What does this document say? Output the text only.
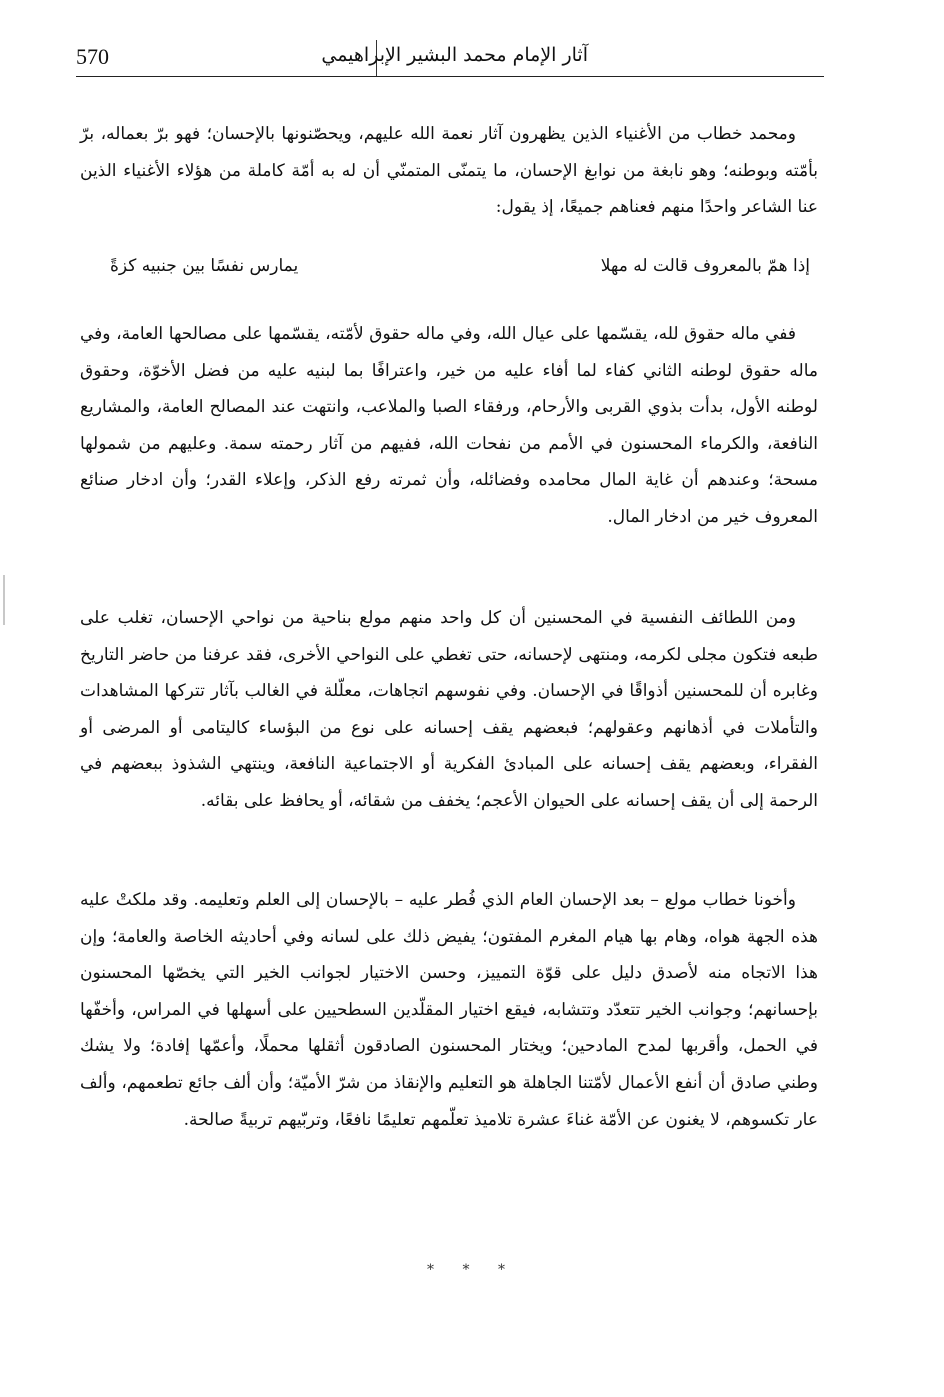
570	آثار الإمام محمد البشير الإبراهيمي

ومحمد خطاب من الأغنياء الذين يظهرون آثار نعمة الله عليهم، ويحصّنونها بالإحسان؛ فهو برّ بعماله، برّ بأمّته وبوطنه؛ وهو نابغة من نوابغ الإحسان، ما يتمنّى المتمنّي أن له به أمّة كاملة من هؤلاء الأغنياء الذين عنا الشاعر واحدًا منهم فعناهم جميعًا، إذ يقول:

إذا همّ بالمعروف قالت له مهلا
يمارس نفسًا بين جنبيه كزةً

ففي ماله حقوق لله، يقسّمها على عيال الله، وفي ماله حقوق لأمّته، يقسّمها على مصالحها العامة، وفي ماله حقوق لوطنه الثاني كفاء لما أفاء عليه من خير، واعترافًا بما لبنيه عليه من فضل الأخوّة، وحقوق لوطنه الأول، بدأت بذوي القربى والأرحام، ورفقاء الصبا والملاعب، وانتهت عند المصالح العامة، والمشاريع النافعة، والكرماء المحسنون في الأمم من نفحات الله، ففيهم من آثار رحمته سمة. وعليهم من شمولها مسحة؛ وعندهم أن غاية المال محامده وفضائله، وأن ثمرته رفع الذكر، وإعلاء القدر؛ وأن ادخار صنائع المعروف خير من ادخار المال.

ومن اللطائف النفسية في المحسنين أن كل واحد منهم مولع بناحية من نواحي الإحسان، تغلب على طبعه فتكون مجلى لكرمه، ومنتهى لإحسانه، حتى تغطي على النواحي الأخرى، فقد عرفنا من حاضر التاريخ وغابره أن للمحسنين أذواقًا في الإحسان. وفي نفوسهم اتجاهات، معلّلة في الغالب بآثار تتركها المشاهدات والتأملات في أذهانهم وعقولهم؛ فبعضهم يقف إحسانه على نوع من البؤساء كاليتامى أو المرضى أو الفقراء، وبعضهم يقف إحسانه على المبادئ الفكرية أو الاجتماعية النافعة، وينتهي الشذوذ ببعضهم في الرحمة إلى أن يقف إحسانه على الحيوان الأعجم؛ يخفف من شقائه، أو يحافظ على بقائه.

وأخونا خطاب مولع – بعد الإحسان العام الذي فُطر عليه – بالإحسان إلى العلم وتعليمه. وقد ملكتْ عليه هذه الجهة هواه، وهام بها هيام المغرم المفتون؛ يفيض ذلك على لسانه وفي أحاديثه الخاصة والعامة؛ وإن هذا الاتجاه منه لأصدق دليل على قوّة التمييز، وحسن الاختيار لجوانب الخير التي يخصّها المحسنون بإحسانهم؛ وجوانب الخير تتعدّد وتتشابه، فيقع اختيار المقلّدين السطحيين على أسهلها في المراس، وأخفّها في الحمل، وأقربها لمدح المادحين؛ ويختار المحسنون الصادقون أثقلها محملًا، وأعمّها إفادة؛ ولا يشك وطني صادق أن أنفع الأعمال لأمّتنا الجاهلة هو التعليم والإنقاذ من شرّ الأميّة؛ وأن ألف جائع تطعمهم، وألف عار تكسوهم، لا يغنون عن الأمّة غناءَ عشرة تلاميذ تعلّمهم تعليمًا نافعًا، وتربّيهم تربيةً صالحة.

* * *
